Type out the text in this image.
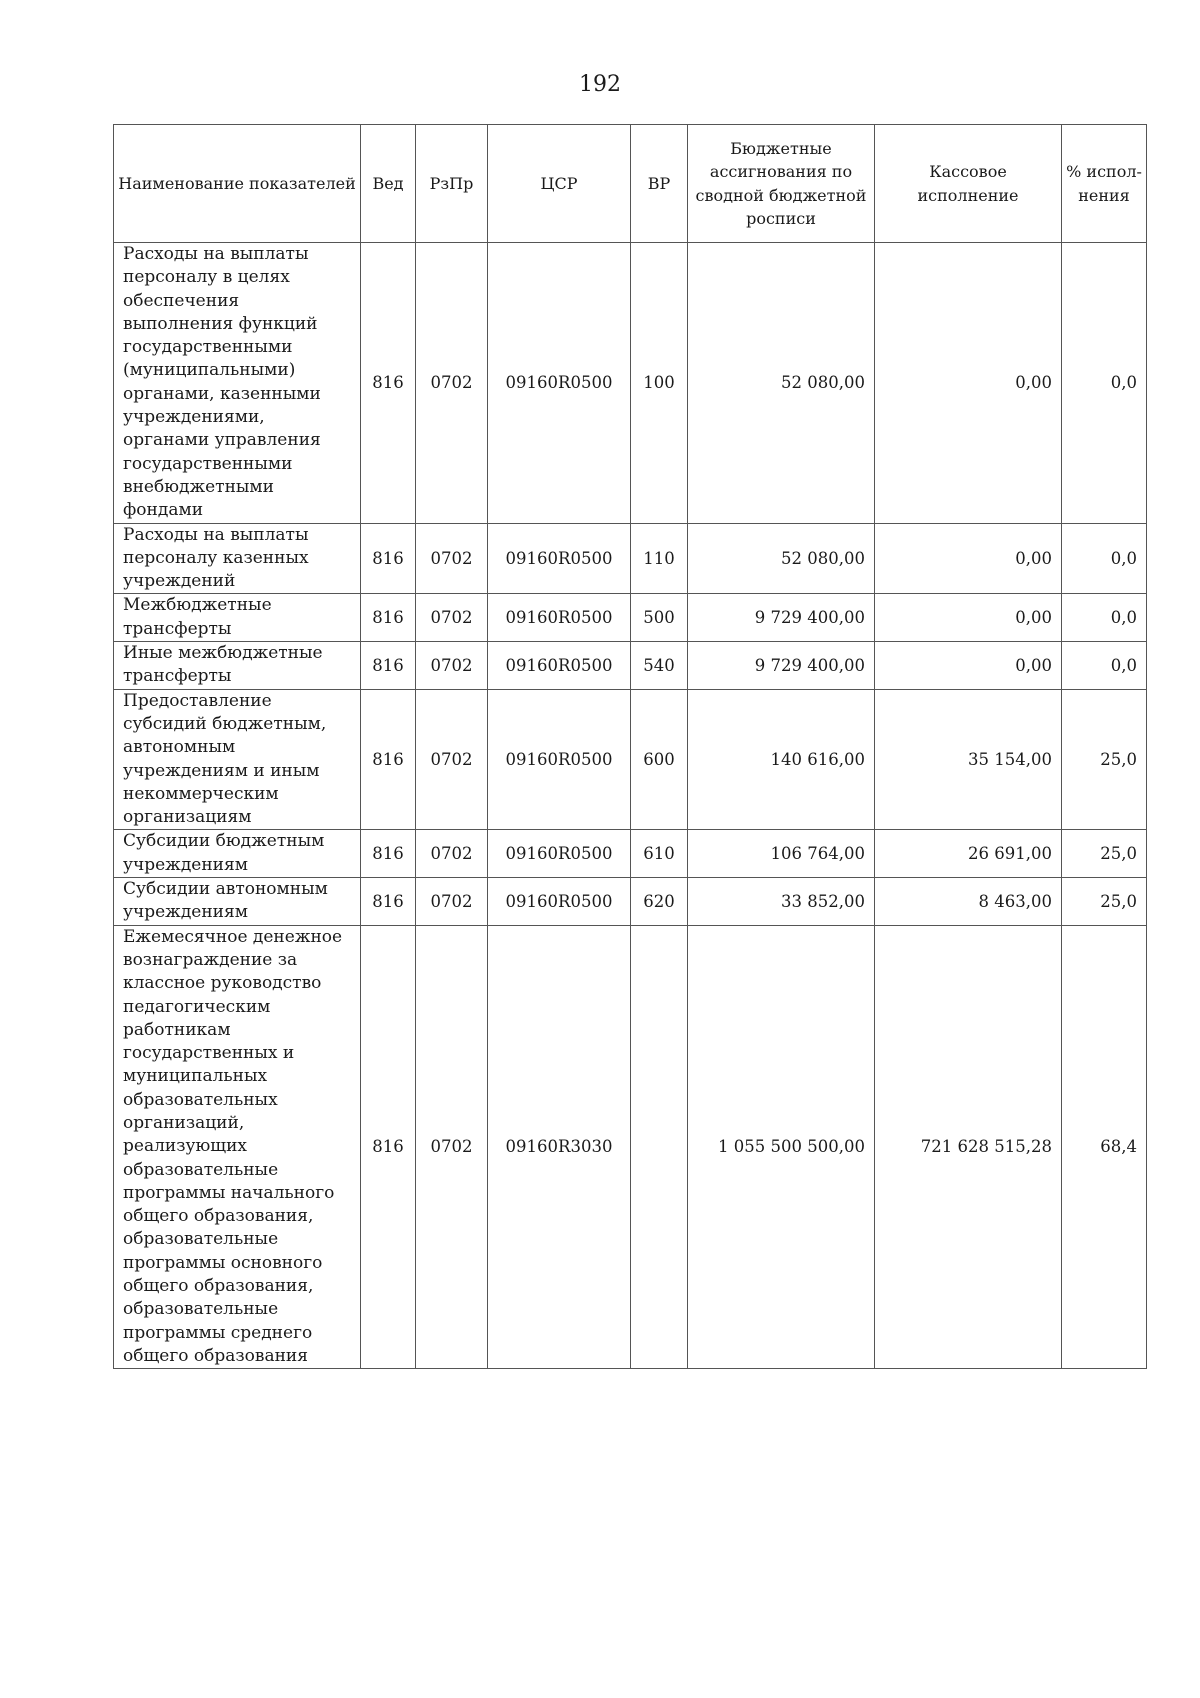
192
Наименование показателей	Вед	РзПр	ЦСР	ВР	Бюджетные ассигнования по сводной бюджетной росписи	Кассовое исполнение	% испол-нения
Расходы на выплаты персоналу в целях обеспечения выполнения функций государственными (муниципальными) органами, казенными учреждениями, органами управления государственными внебюджетными фондами	816	0702	09160R0500	100	52 080,00	0,00	0,0
Расходы на выплаты персоналу казенных учреждений	816	0702	09160R0500	110	52 080,00	0,00	0,0
Межбюджетные трансферты	816	0702	09160R0500	500	9 729 400,00	0,00	0,0
Иные межбюджетные трансферты	816	0702	09160R0500	540	9 729 400,00	0,00	0,0
Предоставление субсидий бюджетным, автономным учреждениям и иным некоммерческим организациям	816	0702	09160R0500	600	140 616,00	35 154,00	25,0
Субсидии бюджетным учреждениям	816	0702	09160R0500	610	106 764,00	26 691,00	25,0
Субсидии автономным учреждениям	816	0702	09160R0500	620	33 852,00	8 463,00	25,0
Ежемесячное денежное вознаграждение за классное руководство педагогическим работникам государственных и муниципальных образовательных организаций, реализующих образовательные программы начального общего образования, образовательные программы основного общего образования, образовательные программы среднего общего образования	816	0702	09160R3030		1 055 500 500,00	721 628 515,28	68,4
